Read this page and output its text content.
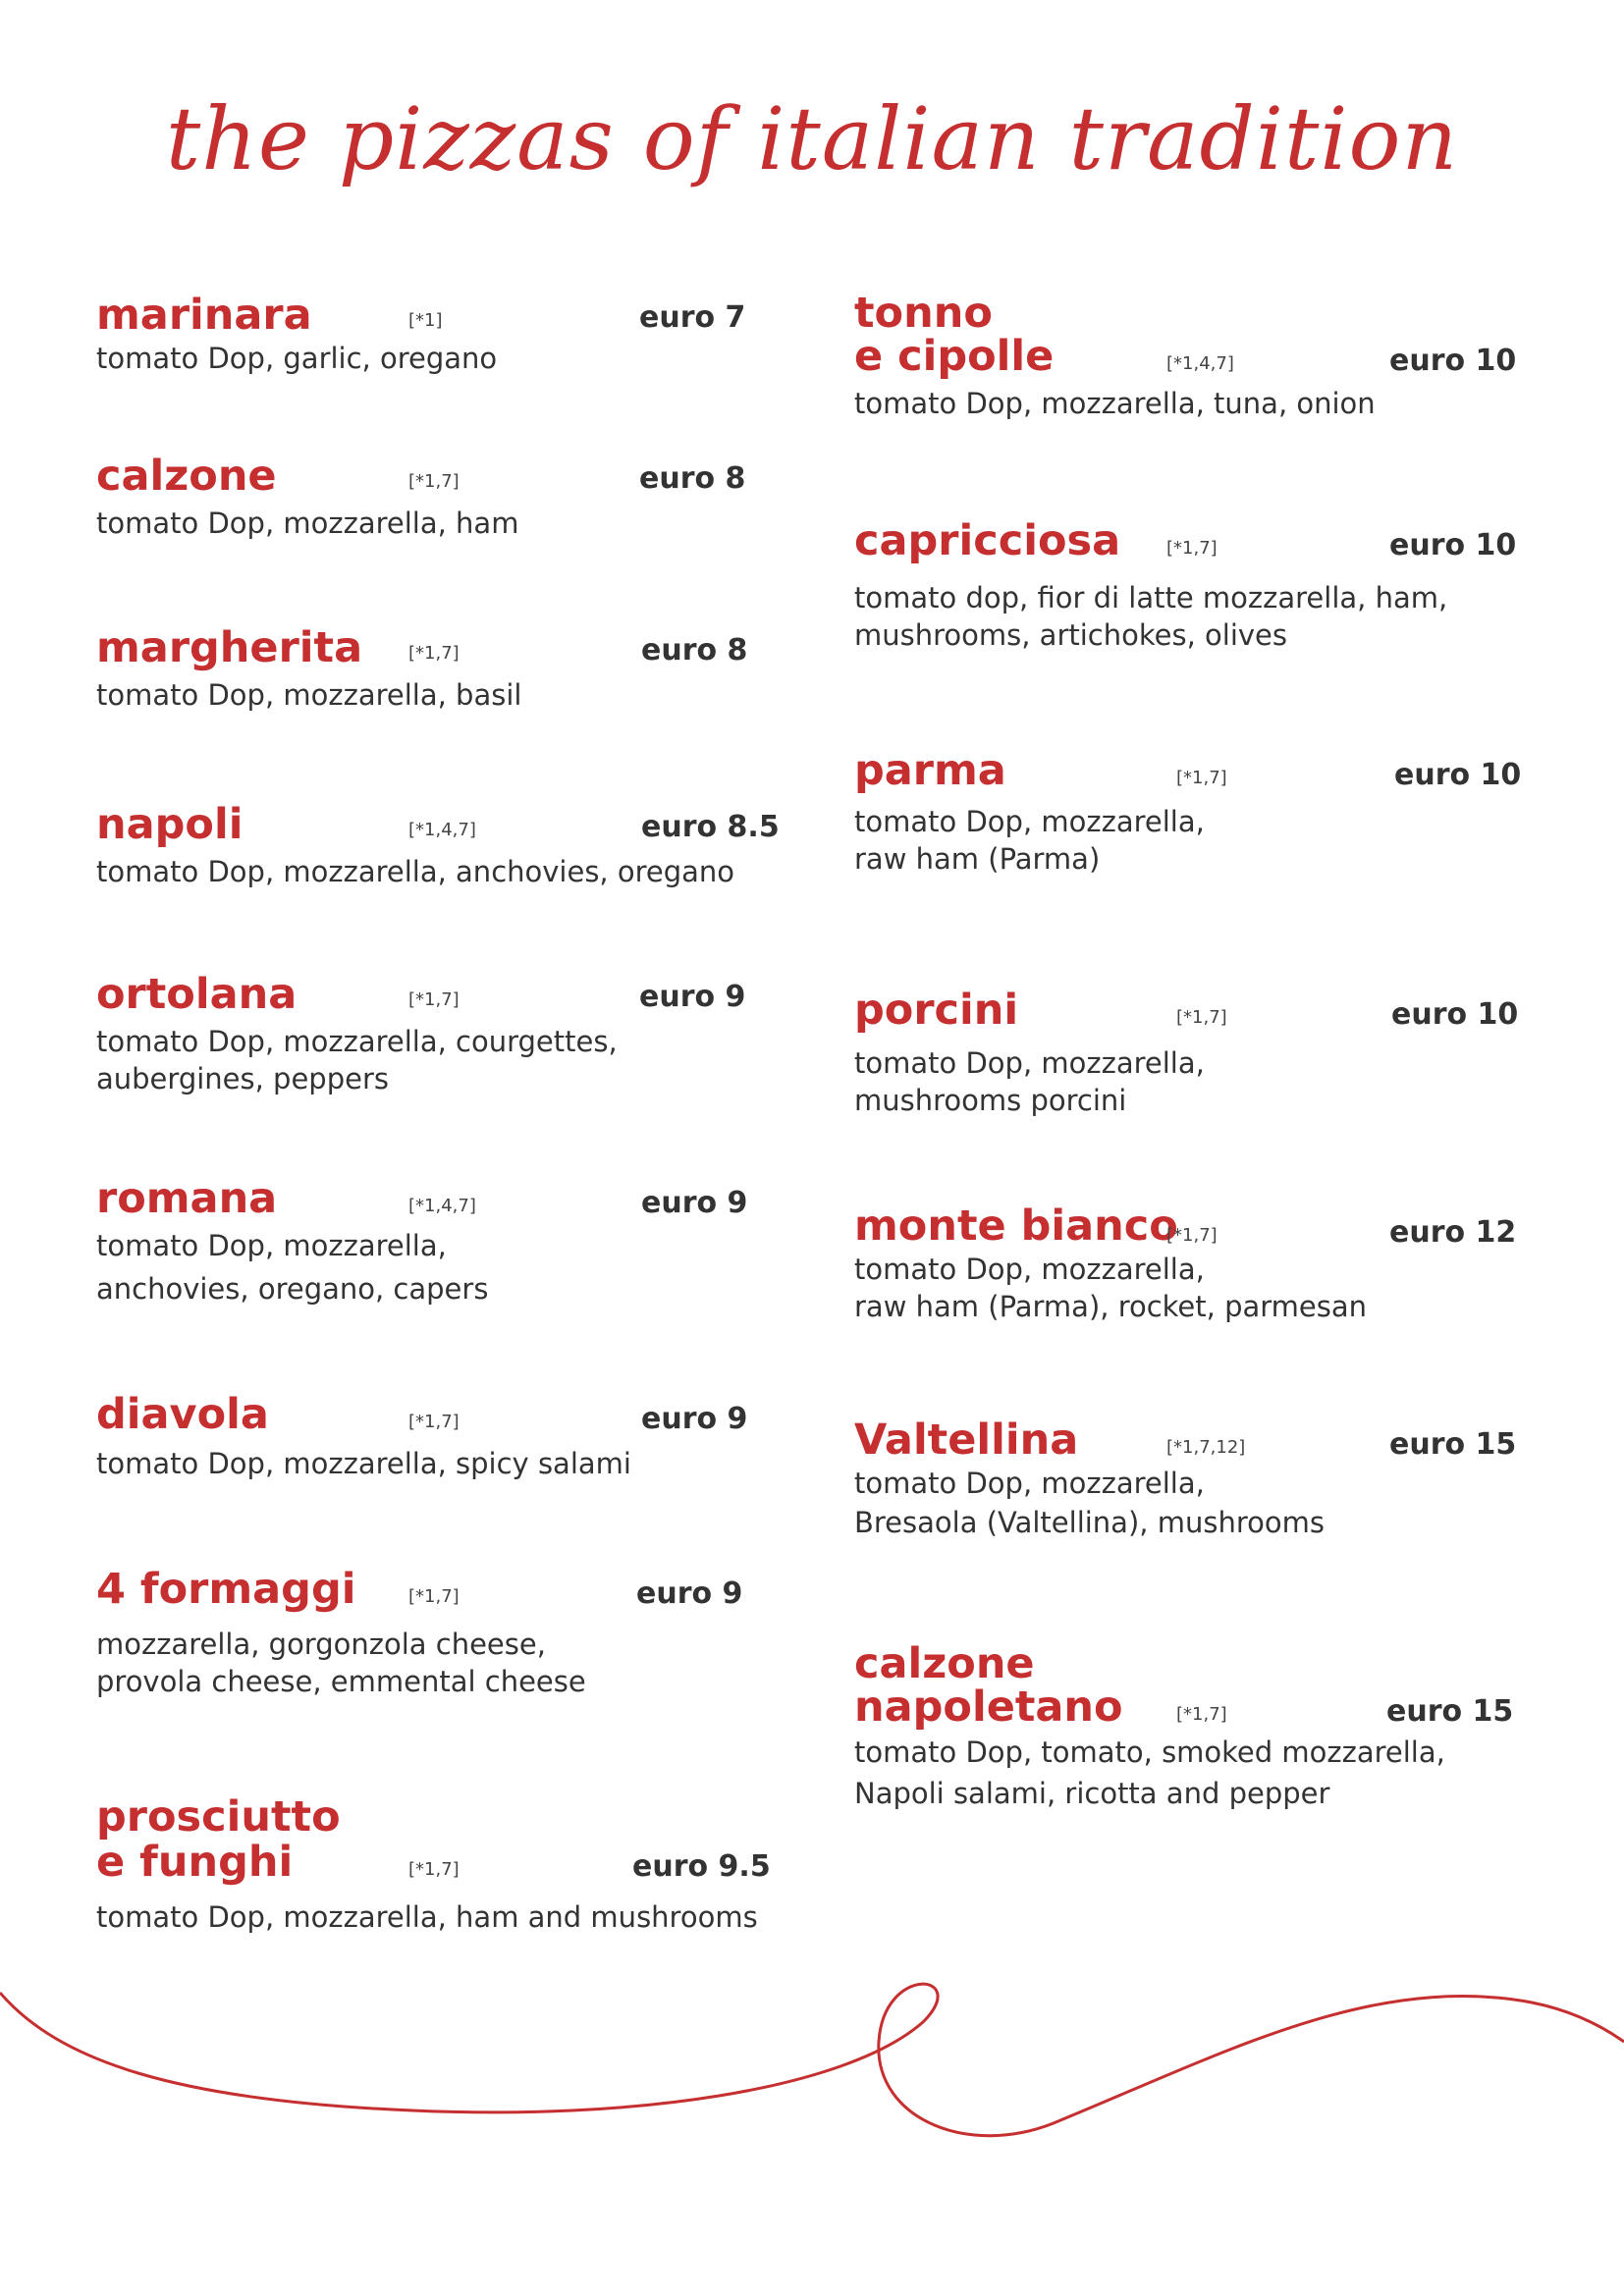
the pizzas of italian tradition
marinara	[*1]	euro 7
tomato Dop, garlic, oregano
calzone	[*1,7]	euro 8
tomato Dop, mozzarella, ham
margherita	[*1,7]	euro 8
tomato Dop, mozzarella, basil
napoli	[*1,4,7]	euro 8.5
tomato Dop, mozzarella, anchovies, oregano
ortolana	[*1,7]	euro 9
tomato Dop, mozzarella, courgettes,
aubergines, peppers
romana	[*1,4,7]	euro 9
tomato Dop, mozzarella,
anchovies, oregano, capers
diavola	[*1,7]	euro 9
tomato Dop, mozzarella, spicy salami
4 formaggi	[*1,7]	euro 9
mozzarella, gorgonzola cheese,
provola cheese, emmental cheese
prosciutto
e funghi	[*1,7]	euro 9.5
tomato Dop, mozzarella, ham and mushrooms
tonno
e cipolle	[*1,4,7]	euro 10
tomato Dop, mozzarella, tuna, onion
capricciosa	[*1,7]	euro 10
tomato dop, fior di latte mozzarella, ham,
mushrooms, artichokes, olives
parma	[*1,7]	euro 10
tomato Dop, mozzarella,
raw ham (Parma)
porcini	[*1,7]	euro 10
tomato Dop, mozzarella,
mushrooms porcini
monte bianco
[*1,7]	euro 12
tomato Dop, mozzarella,
raw ham (Parma), rocket, parmesan
Valtellina	[*1,7,12]	euro 15
tomato Dop, mozzarella,
Bresaola (Valtellina), mushrooms
calzone
napoletano	[*1,7]	euro 15
tomato Dop, tomato, smoked mozzarella,
Napoli salami, ricotta and pepper
